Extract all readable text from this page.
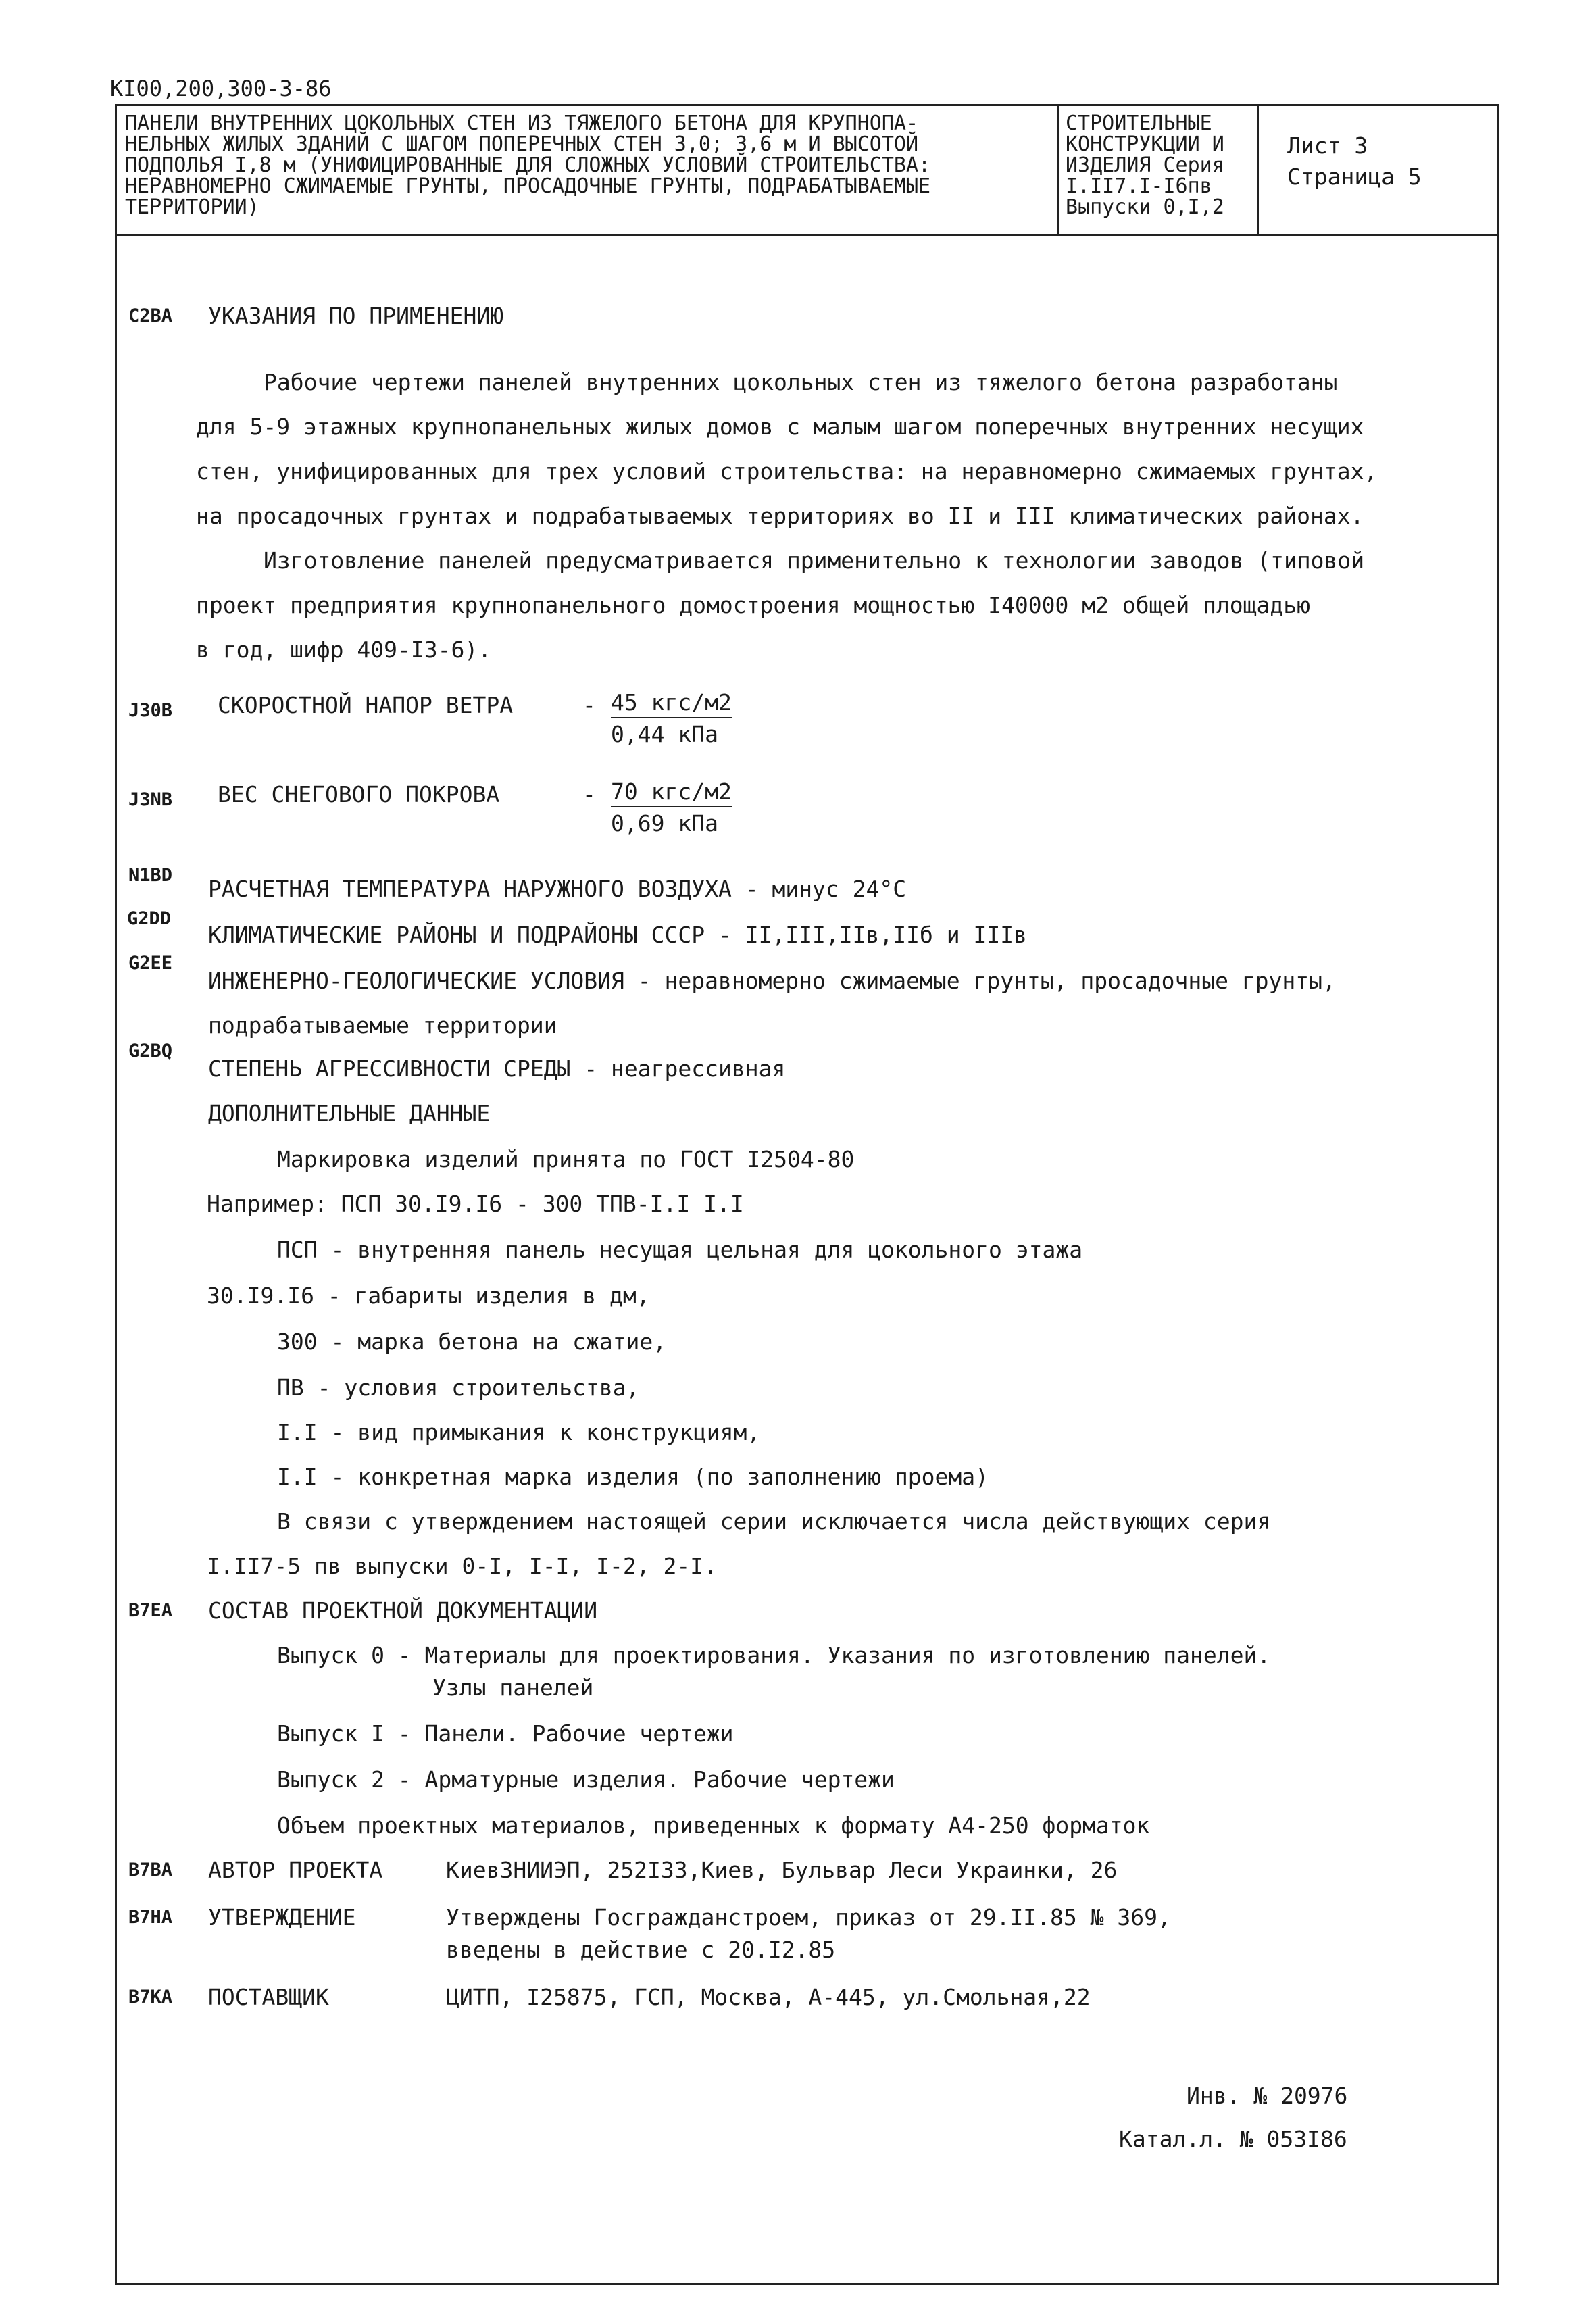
КI00,200,300-3-86
ПАНЕЛИ ВНУТРЕННИХ ЦОКОЛЬНЫХ СТЕН ИЗ ТЯЖЕЛОГО БЕТОНА ДЛЯ КРУПНОПА-
НЕЛЬНЫХ ЖИЛЫХ ЗДАНИЙ С ШАГОМ ПОПЕРЕЧНЫХ СТЕН 3,0; 3,6 м И ВЫСОТОЙ
ПОДПОЛЬЯ I,8 м (УНИФИЦИРОВАННЫЕ ДЛЯ СЛОЖНЫХ УСЛОВИЙ СТРОИТЕЛЬСТВА:
НЕРАВНОМЕРНО СЖИМАЕМЫЕ ГРУНТЫ, ПРОСАДОЧНЫЕ ГРУНТЫ, ПОДРАБАТЫВАЕМЫЕ
ТЕРРИТОРИИ)
СТРОИТЕЛЬНЫЕ
КОНСТРУКЦИИ И
ИЗДЕЛИЯ Серия
I.II7.I-I6пв
Выпуски 0,I,2
Лист 3
Страница 5
C2BA УКАЗАНИЯ ПО ПРИМЕНЕНИЮ
Рабочие чертежи панелей внутренних цокольных стен из тяжелого бетона разработаны
для 5-9 этажных крупнопанельных жилых домов с малым шагом поперечных внутренних несущих
стен, унифицированных для трех условий строительства: на неравномерно сжимаемых грунтах,
на просадочных грунтах и подрабатываемых территориях во II и III климатических районах.
Изготовление панелей предусматривается применительно к технологии заводов (типовой
проект предприятия крупнопанельного домостроения мощностью I40000 м2 общей площадью
в год, шифр 409-I3-6).
J30B СКОРОСТНОЙ НАПОР ВЕТРА	- 45 кгс/м2
0,44 кПа
J3NB ВЕС СНЕГОВОГО ПОКРОВА	- 70 кгс/м2
0,69 кПа
N1BD
РАСЧЕТНАЯ ТЕМПЕРАТУРА НАРУЖНОГО ВОЗДУХА - минус 24°С
G2DD
КЛИМАТИЧЕСКИЕ РАЙОНЫ И ПОДРАЙОНЫ СССР - II,III,IIв,IIб и IIIв
G2EE
ИНЖЕНЕРНО-ГЕОЛОГИЧЕСКИЕ УСЛОВИЯ - неравномерно сжимаемые грунты, просадочные грунты,
подрабатываемые территории
G2BQ
СТЕПЕНЬ АГРЕССИВНОСТИ СРЕДЫ - неагрессивная
ДОПОЛНИТЕЛЬНЫЕ ДАННЫЕ
Маркировка изделий принята по ГОСТ I2504-80
Например: ПСП 30.I9.I6 - 300 ТПВ-I.I I.I
ПСП - внутренняя панель несущая цельная для цокольного этажа
30.I9.I6 - габариты изделия в дм,
300 - марка бетона на сжатие,
ПВ - условия строительства,
I.I - вид примыкания к конструкциям,
I.I - конкретная марка изделия (по заполнению проема)
В связи с утверждением настоящей серии исключается числа действующих серия
I.II7-5 пв выпуски 0-I, I-I, I-2, 2-I.
B7EA СОСТАВ ПРОЕКТНОЙ ДОКУМЕНТАЦИИ
Выпуск 0 - Материалы для проектирования. Указания по изготовлению панелей.
Узлы панелей
Выпуск I - Панели. Рабочие чертежи
Выпуск 2 - Арматурные изделия. Рабочие чертежи
Объем проектных материалов, приведенных к формату А4-250 форматок
B7BA АВТОР ПРОЕКТА	КиевЗНИИЭП, 252I33,Киев, Бульвар Леси Украинки, 26
B7HA УТВЕРЖДЕНИЕ	Утверждены Госгражданстроем, приказ от 29.II.85 № 369,
введены в действие с 20.I2.85
B7KA ПОСТАВЩИК	ЦИТП, I25875, ГСП, Москва, А-445, ул.Смольная,22
Инв. № 20976
Катал.л. № 053I86
